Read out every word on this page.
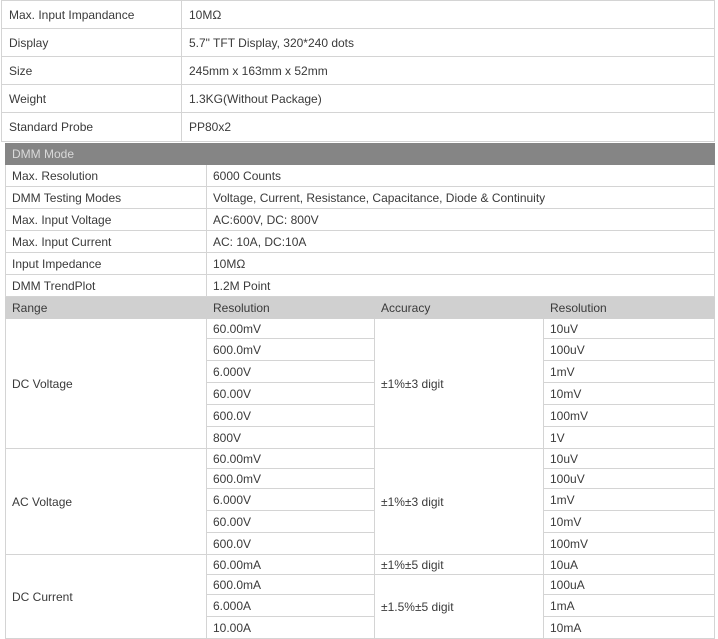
Max. Input Impandance	10MΩ
Display	5.7" TFT Display, 320*240 dots
Size	245mm x 163mm x 52mm
Weight	1.3KG(Without Package)
Standard Probe	PP80x2
DMM Mode			
Max. Resolution	6000 Counts		
DMM Testing Modes	Voltage, Current, Resistance, Capacitance, Diode & Continuity		
Max. Input Voltage	AC:600V, DC: 800V		
Max. Input Current	AC: 10A, DC:10A		
Input Impedance	10MΩ		
DMM TrendPlot	1.2M Point		
Range	Resolution	Accuracy	Resolution
DC Voltage	60.00mV	±1%±3 digit	10uV
	600.0mV		100uV
	6.000V		1mV
	60.00V		10mV
	600.0V		100mV
	800V		1V
AC Voltage	60.00mV	±1%±3 digit	10uV
	600.0mV		100uV
	6.000V		1mV
	60.00V		10mV
	600.0V		100mV
DC Current	60.00mA	±1%±5 digit	10uA
	600.0mA	±1.5%±5 digit	100uA
	6.000A		1mA
	10.00A		10mA
